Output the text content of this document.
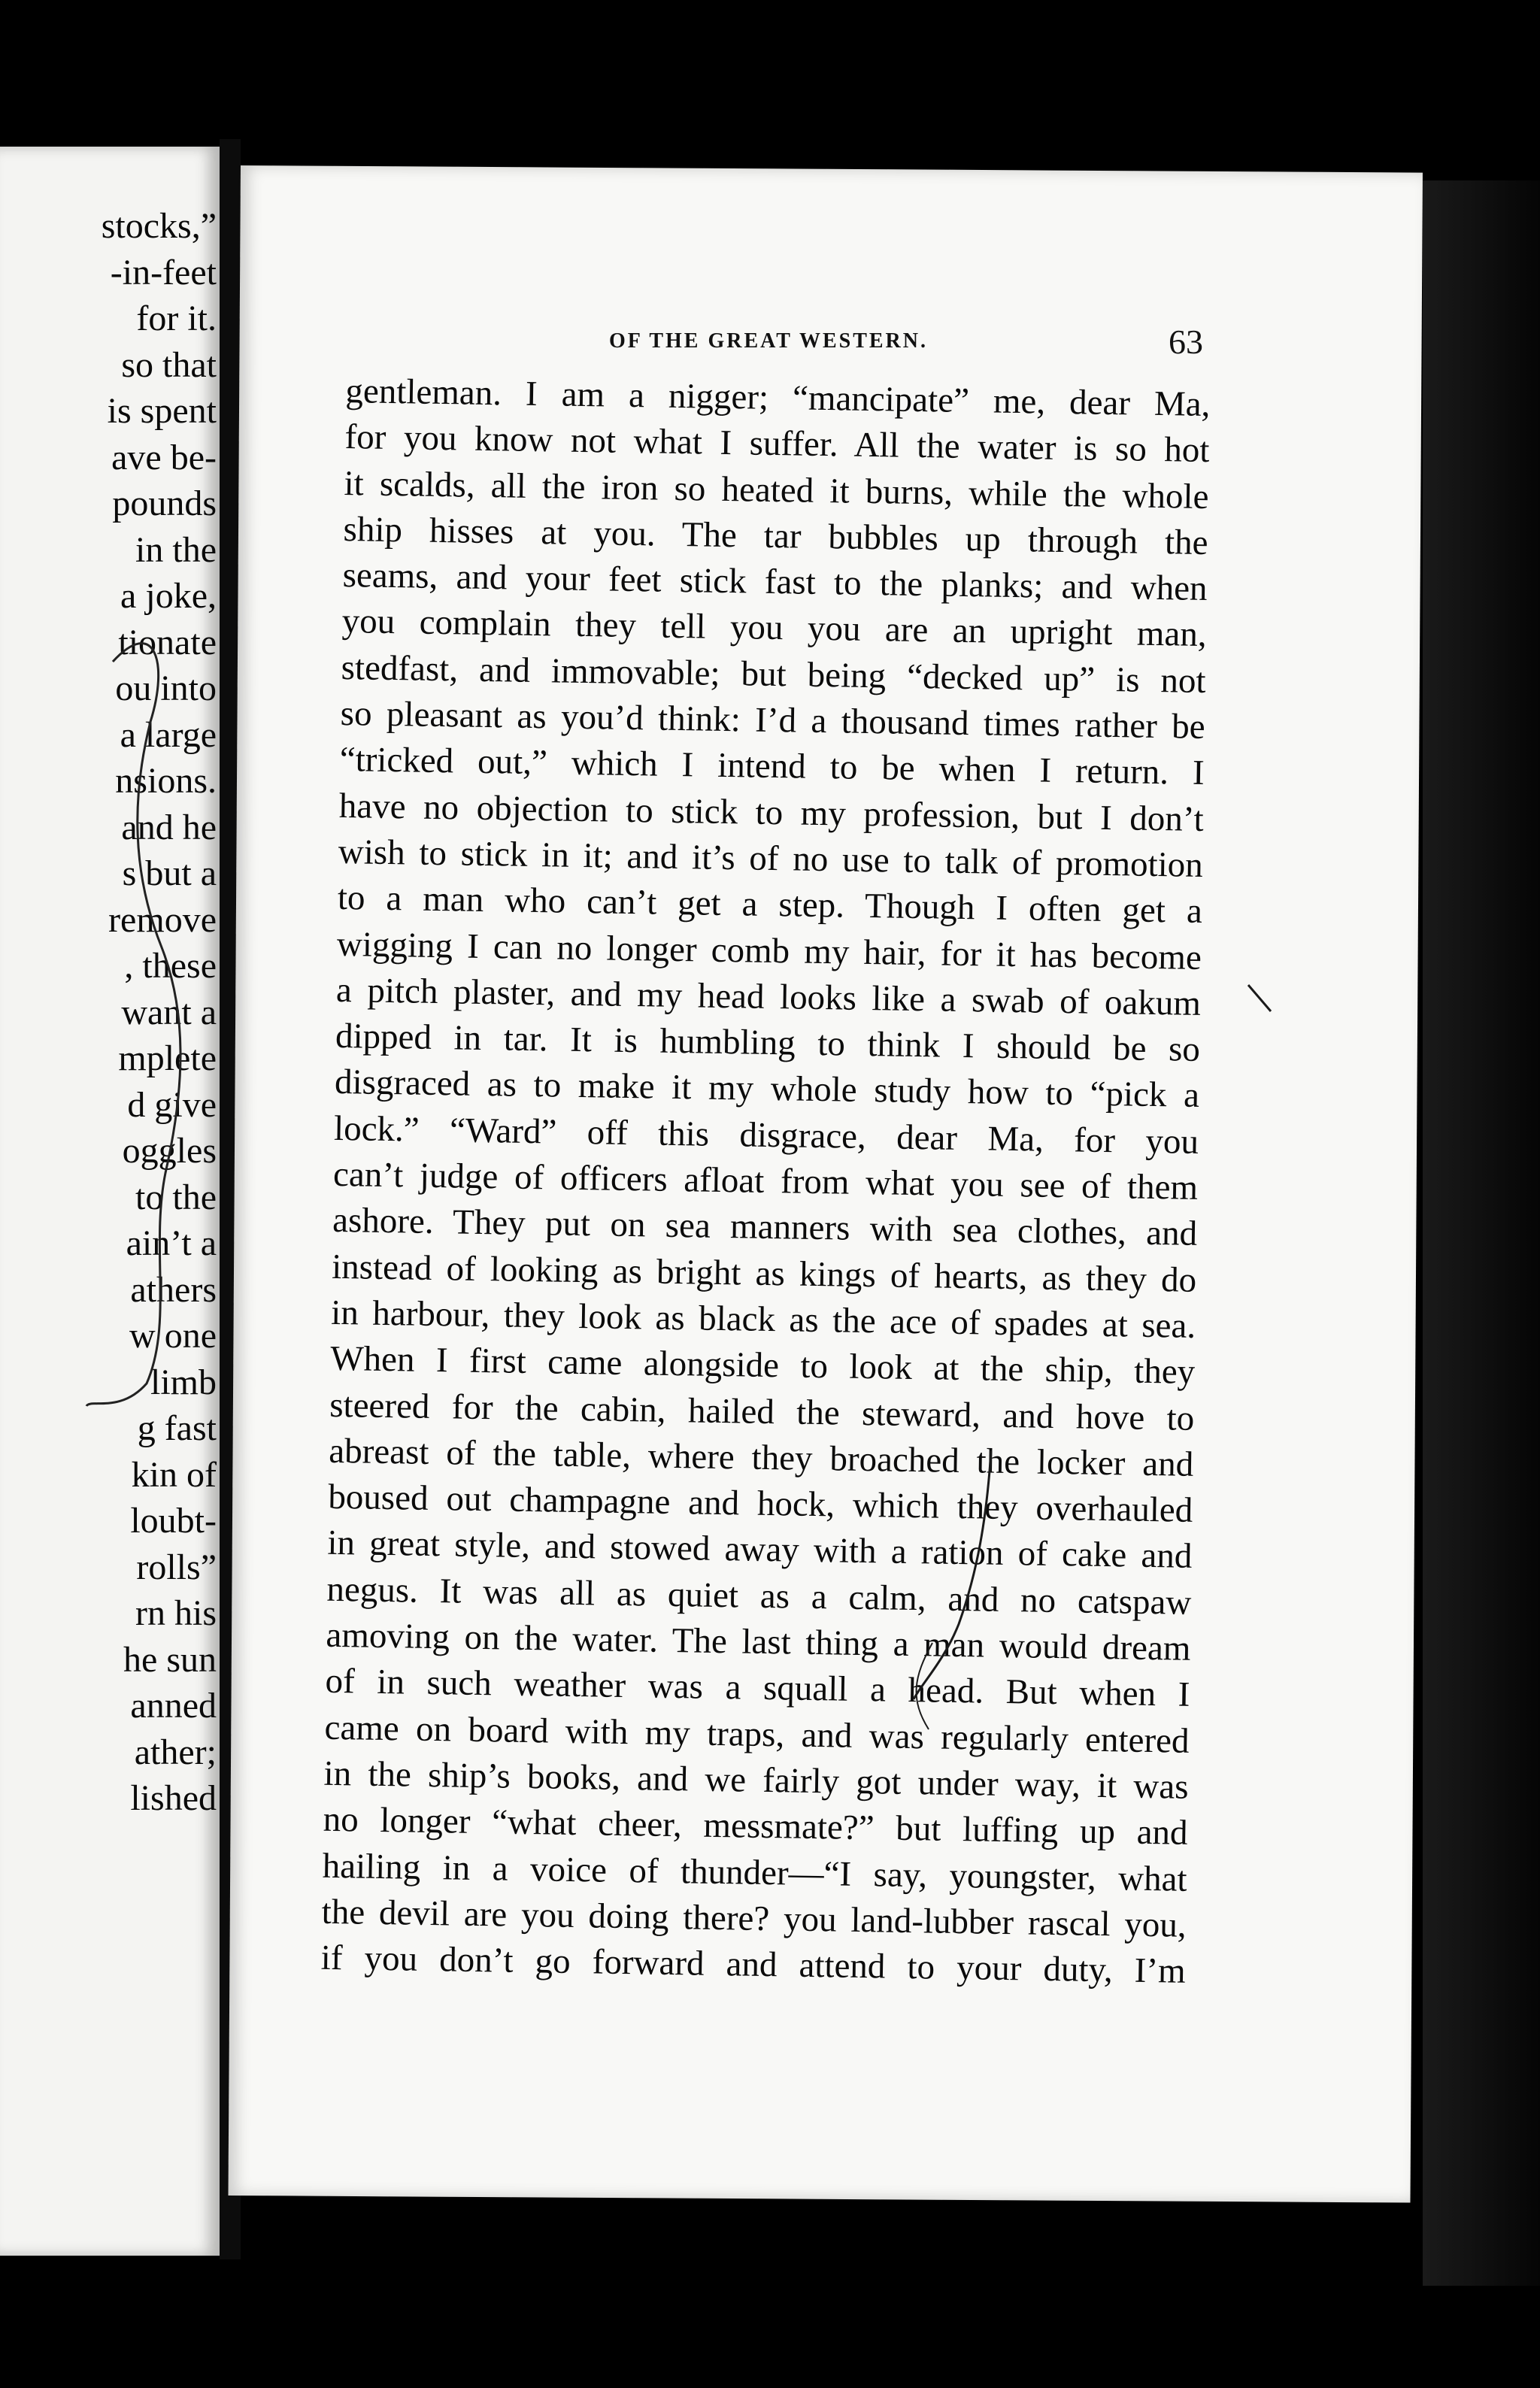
stocks,”
-in-feet
for it.
so that
is spent
ave be-
pounds
in the
a joke,
tionate
ou into
a large
nsions.
and he
s but a
remove
, these
want a
mplete
d give
oggles
to the
ain’t a
athers
w one
limb
g fast
kin of
loubt-
rolls”
rn his
he sun
anned
ather;
lished
OF THE GREAT WESTERN.	63
gentleman. I am a nigger; “mancipate” me, dear Ma,
for you know not what I suffer. All the water is so hot
it scalds, all the iron so heated it burns, while the whole
ship hisses at you. The tar bubbles up through the
seams, and your feet stick fast to the planks; and when
you complain they tell you you are an upright man,
stedfast, and immovable; but being “decked up” is not
so pleasant as you’d think: I’d a thousand times rather be
“tricked out,” which I intend to be when I return. I
have no objection to stick to my profession, but I don’t
wish to stick in it; and it’s of no use to talk of promotion
to a man who can’t get a step. Though I often get a
wigging I can no longer comb my hair, for it has become
a pitch plaster, and my head looks like a swab of oakum
dipped in tar. It is humbling to think I should be so
disgraced as to make it my whole study how to “pick a
lock.” “Ward” off this disgrace, dear Ma, for you
can’t judge of officers afloat from what you see of them
ashore. They put on sea manners with sea clothes, and
instead of looking as bright as kings of hearts, as they do
in harbour, they look as black as the ace of spades at sea.
When I first came alongside to look at the ship, they
steered for the cabin, hailed the steward, and hove to
abreast of the table, where they broached the locker and
boused out champagne and hock, which they overhauled
in great style, and stowed away with a ration of cake and
negus. It was all as quiet as a calm, and no catspaw
amoving on the water. The last thing a man would dream
of in such weather was a squall a head. But when I
came on board with my traps, and was regularly entered
in the ship’s books, and we fairly got under way, it was
no longer “what cheer, messmate?” but luffing up and
hailing in a voice of thunder—“I say, youngster, what
the devil are you doing there? you land-lubber rascal you,
if you don’t go forward and attend to your duty, I’m
